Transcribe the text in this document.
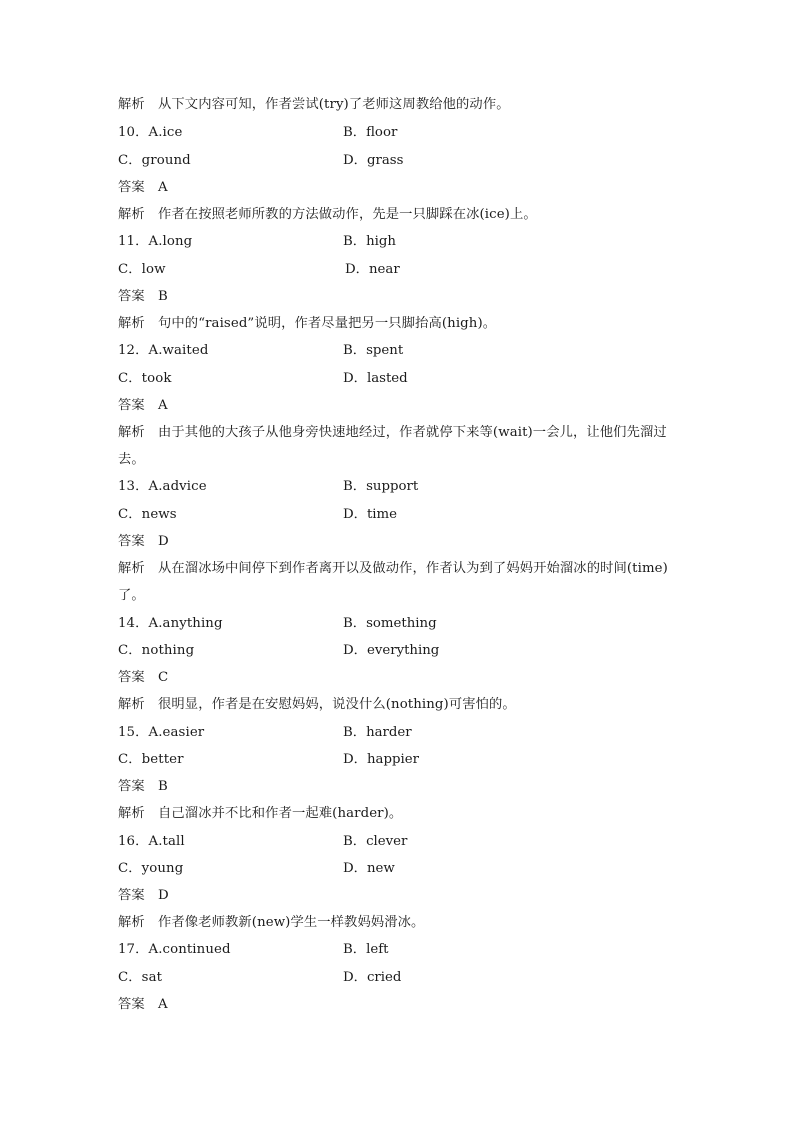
解析 从下文内容可知，作者尝试(try)了老师这周教给他的动作。
10．A.ice	B．floor
C．ground	D．grass
答案 A
解析 作者在按照老师所教的方法做动作，先是一只脚踩在冰(ice)上。
11．A.long	B．high
C．low	D．near
答案 B
解析 句中的“raised”说明，作者尽量把另一只脚抬高(high)。
12．A.waited	B．spent
C．took	D．lasted
答案 A
解析 由于其他的大孩子从他身旁快速地经过，作者就停下来等(wait)一会儿，让他们先溜过
去。
13．A.advice	B．support
C．news	D．time
答案 D
解析 从在溜冰场中间停下到作者离开以及做动作，作者认为到了妈妈开始溜冰的时间(time)
了。
14．A.anything	B．something
C．nothing	D．everything
答案 C
解析 很明显，作者是在安慰妈妈，说没什么(nothing)可害怕的。
15．A.easier	B．harder
C．better	D．happier
答案 B
解析 自己溜冰并不比和作者一起难(harder)。
16．A.tall	B．clever
C．young	D．new
答案 D
解析 作者像老师教新(new)学生一样教妈妈滑冰。
17．A.continued	B．left
C．sat	D．cried
答案 A
